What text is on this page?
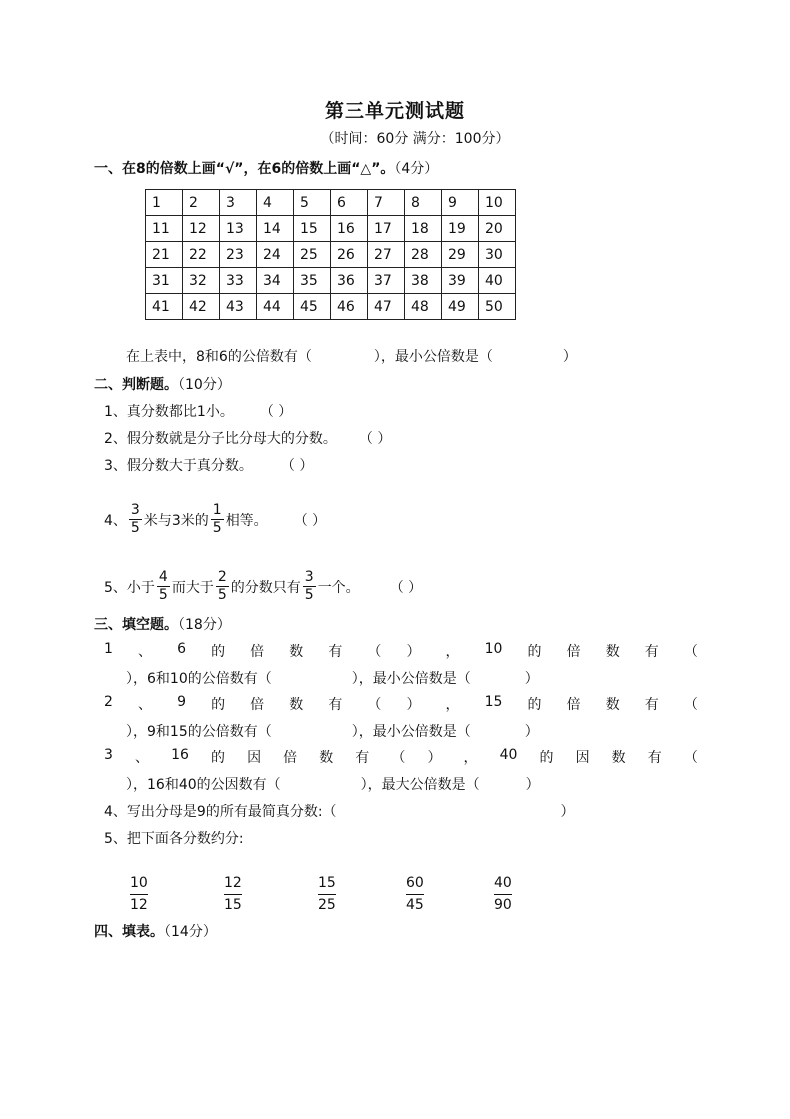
第三单元测试题
（时间：60分 满分：100分）
一、在8的倍数上画“√”，在6的倍数上画“△”。（4分）
1	2	3	4	5	6	7	8	9	10
11	12	13	14	15	16	17	18	19	20
21	22	23	24	25	26	27	28	29	30
31	32	33	34	35	36	37	38	39	40
41	42	43	44	45	46	47	48	49	50
在上表中，8和6的公倍数有（	），最小公倍数是（	）
二、判断题。（10分）
1、真分数都比1小。 （ ）
2、假分数就是分子比分母大的分数。 （ ）
3、假分数大于真分数。 （ ）
4、 $\frac{3}{5}$ 米与3米的 $\frac{1}{5}$ 相等。 （ ）
5、小于 $\frac{4}{5}$ 而大于 $\frac{2}{5}$ 的分数只有 $\frac{3}{5}$ 一个。 （ ）
三、填空题。（18分）
1 、 6 的 倍 数 有 （ ） ， 10 的 倍 数 有 （
），6和10的公倍数有（	），最小公倍数是（	）
2 、 9 的 倍 数 有 （ ） ， 15 的 倍 数 有 （
），9和15的公倍数有（	），最小公倍数是（	）
3 、 16 的 因 倍 数 有 （ ） ， 40 的 因 数 有 （
），16和40的公因数有（	），最大公倍数是（	）
4、写出分母是9的所有最简真分数:（	）
5、把下面各分数约分:
10
12
12
15
15
25
60
45
40
90
四、填表。（14分）
